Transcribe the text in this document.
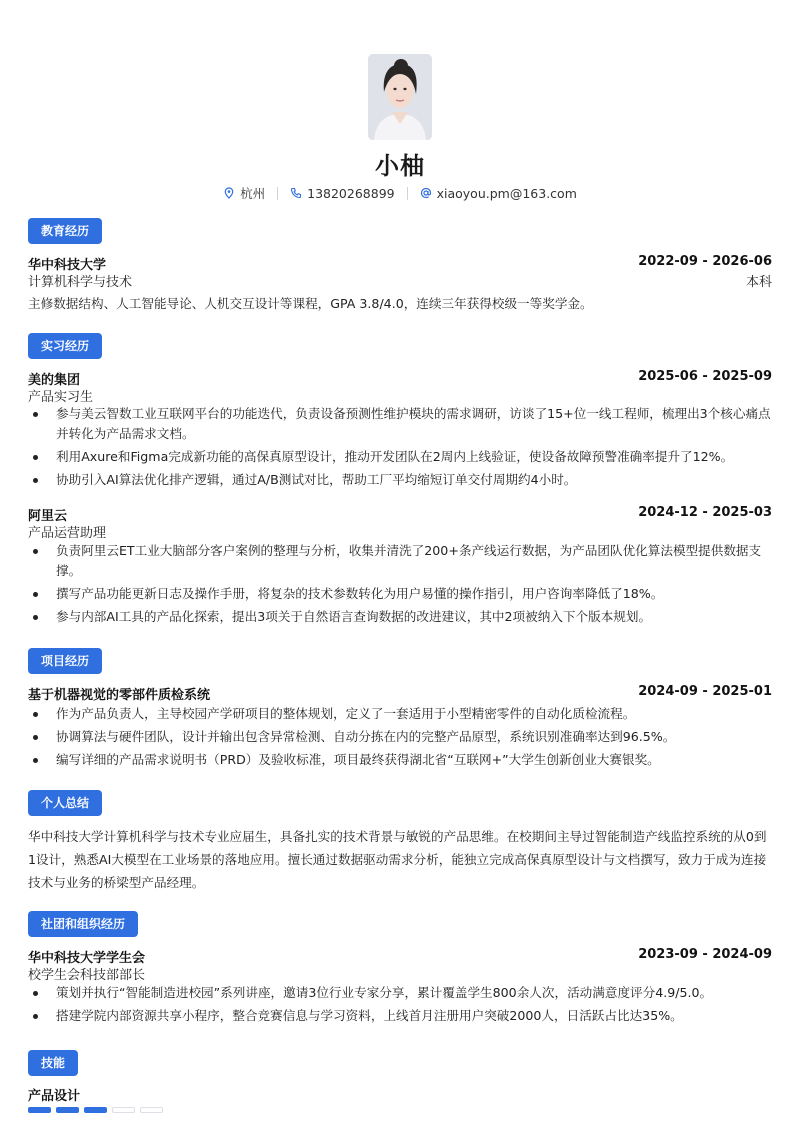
小柚
杭州	13820268899	xiaoyou.pm@163.com
教育经历
华中科技大学	2022-09 - 2026-06
计算机科学与技术	本科
主修数据结构、人工智能导论、人机交互设计等课程，GPA 3.8/4.0，连续三年获得校级一等奖学金。
实习经历
美的集团	2025-06 - 2025-09
产品实习生
参与美云智数工业互联网平台的功能迭代，负责设备预测性维护模块的需求调研，访谈了15+位一线工程师，梳理出3个核心痛点并转化为产品需求文档。
利用Axure和Figma完成新功能的高保真原型设计，推动开发团队在2周内上线验证，使设备故障预警准确率提升了12%。
协助引入AI算法优化排产逻辑，通过A/B测试对比，帮助工厂平均缩短订单交付周期约4小时。
阿里云	2024-12 - 2025-03
产品运营助理
负责阿里云ET工业大脑部分客户案例的整理与分析，收集并清洗了200+条产线运行数据，为产品团队优化算法模型提供数据支撑。
撰写产品功能更新日志及操作手册，将复杂的技术参数转化为用户易懂的操作指引，用户咨询率降低了18%。
参与内部AI工具的产品化探索，提出3项关于自然语言查询数据的改进建议，其中2项被纳入下个版本规划。
项目经历
基于机器视觉的零部件质检系统	2024-09 - 2025-01
作为产品负责人，主导校园产学研项目的整体规划，定义了一套适用于小型精密零件的自动化质检流程。
协调算法与硬件团队，设计并输出包含异常检测、自动分拣在内的完整产品原型，系统识别准确率达到96.5%。
编写详细的产品需求说明书（PRD）及验收标准，项目最终获得湖北省“互联网+”大学生创新创业大赛银奖。
个人总结
华中科技大学计算机科学与技术专业应届生，具备扎实的技术背景与敏锐的产品思维。在校期间主导过智能制造产线监控系统的从0到1设计，熟悉AI大模型在工业场景的落地应用。擅长通过数据驱动需求分析，能独立完成高保真原型设计与文档撰写，致力于成为连接技术与业务的桥梁型产品经理。
社团和组织经历
华中科技大学学生会	2023-09 - 2024-09
校学生会科技部部长
策划并执行“智能制造进校园”系列讲座，邀请3位行业专家分享，累计覆盖学生800余人次，活动满意度评分4.9/5.0。
搭建学院内部资源共享小程序，整合竞赛信息与学习资料，上线首月注册用户突破2000人，日活跃占比达35%。
技能
产品设计
